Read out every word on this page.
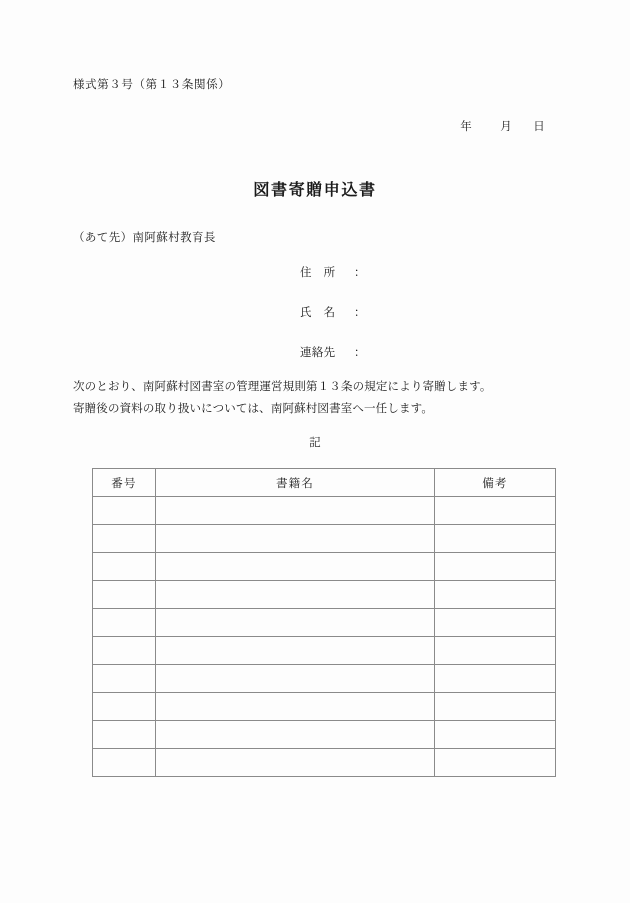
様式第３号（第１３条関係）
年 月 日
図書寄贈申込書
（あて先）南阿蘇村教育長
住　所 ：
氏　名 ：
連絡先 ：
次のとおり、南阿蘇村図書室の管理運営規則第１３条の規定により寄贈します。
寄贈後の資料の取り扱いについては、南阿蘇村図書室へ一任します。
記
番号	書籍名	備考
